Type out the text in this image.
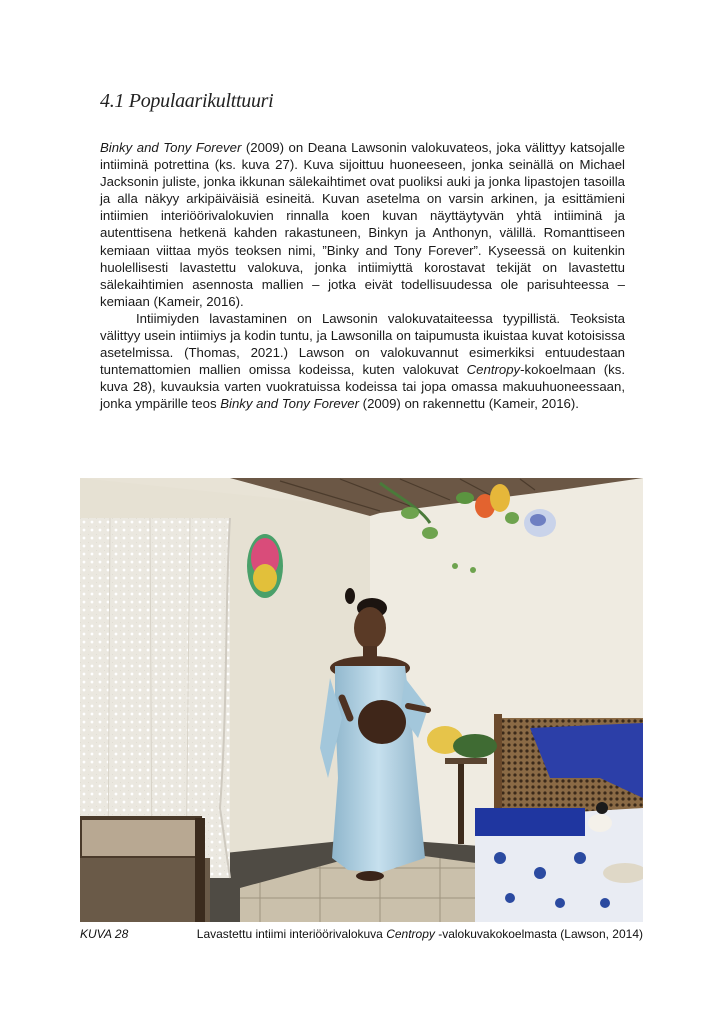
4.1 Populaarikulttuuri

Binky and Tony Forever (2009) on Deana Lawsonin valokuvateos, joka välittyy katsojalle intiiminä potrettina (ks. kuva 27). Kuva sijoittuu huoneeseen, jonka seinällä on Michael Jacksonin juliste, jonka ikkunan sälekaihtimet ovat puoliksi auki ja jonka lipastojen tasoilla ja alla näkyy arkipäiväisiä esineitä. Kuvan asetelma on varsin arkinen, ja esittämieni intiimien interiöörivalokuvien rinnalla koen kuvan näyttäytyvän yhtä intiiminä ja autenttisena hetkenä kahden rakastuneen, Binkyn ja Anthonyn, välillä. Romanttiseen kemiaan viittaa myös teoksen nimi, ”Binky and Tony Forever”. Kyseessä on kuitenkin huolellisesti lavastettu valokuva, jonka intiimiyttä korostavat tekijät on lavastettu sälekaihtimien asennosta mallien – jotka eivät todellisuudessa ole parisuhteessa – kemiaan (Kameir, 2016).

Intiimiyden lavastaminen on Lawsonin valokuvataiteessa tyypillistä. Teoksista välittyy usein intiimiys ja kodin tuntu, ja Lawsonilla on taipumusta ikuistaa kuvat kotoisissa asetelmissa. (Thomas, 2021.) Lawson on valokuvannut esimerkiksi entuudestaan tuntemattomien mallien omissa kodeissa, kuten valokuvat Centropy-kokoelmaan (ks. kuva 28), kuvauksia varten vuokratuissa kodeissa tai jopa omassa makuuhuoneessaan, jonka ympärille teos Binky and Tony Forever (2009) on rakennettu (Kameir, 2016).

KUVA 28	Lavastettu intiimi interiöörivalokuva Centropy -valokuvakokoelmasta (Lawson, 2014)
